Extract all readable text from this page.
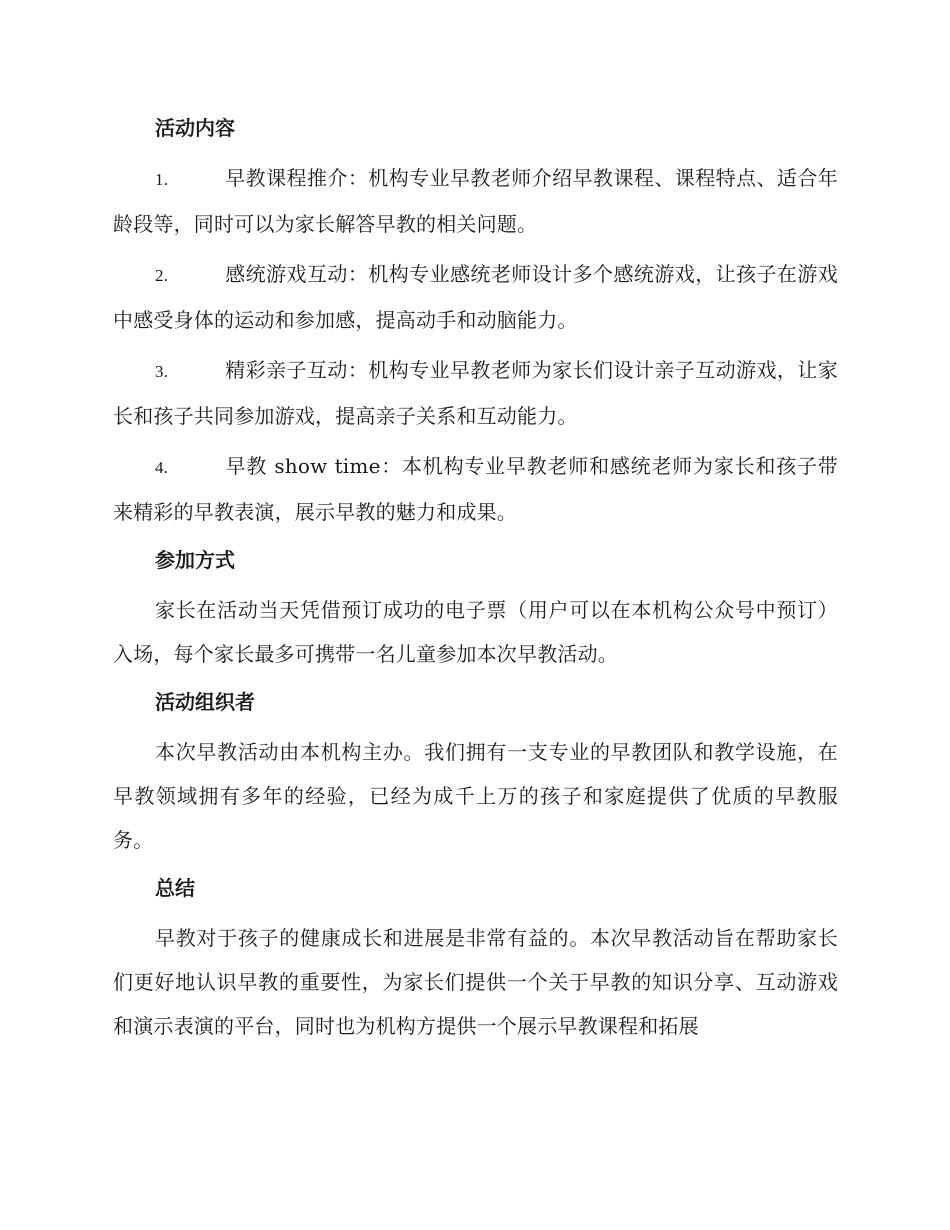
活动内容

1.	早教课程推介：机构专业早教老师介绍早教课程、课程特点、适合年龄段等，同时可以为家长解答早教的相关问题。

2.	感统游戏互动：机构专业感统老师设计多个感统游戏，让孩子在游戏中感受身体的运动和参加感，提高动手和动脑能力。

3.	精彩亲子互动：机构专业早教老师为家长们设计亲子互动游戏，让家长和孩子共同参加游戏，提高亲子关系和互动能力。

4.	早教 show time：本机构专业早教老师和感统老师为家长和孩子带来精彩的早教表演，展示早教的魅力和成果。

参加方式

家长在活动当天凭借预订成功的电子票（用户可以在本机构公众号中预订）入场，每个家长最多可携带一名儿童参加本次早教活动。

活动组织者

本次早教活动由本机构主办。我们拥有一支专业的早教团队和教学设施，在早教领域拥有多年的经验，已经为成千上万的孩子和家庭提供了优质的早教服务。

总结

早教对于孩子的健康成长和进展是非常有益的。本次早教活动旨在帮助家长们更好地认识早教的重要性，为家长们提供一个关于早教的知识分享、互动游戏和演示表演的平台，同时也为机构方提供一个展示早教课程和拓展
